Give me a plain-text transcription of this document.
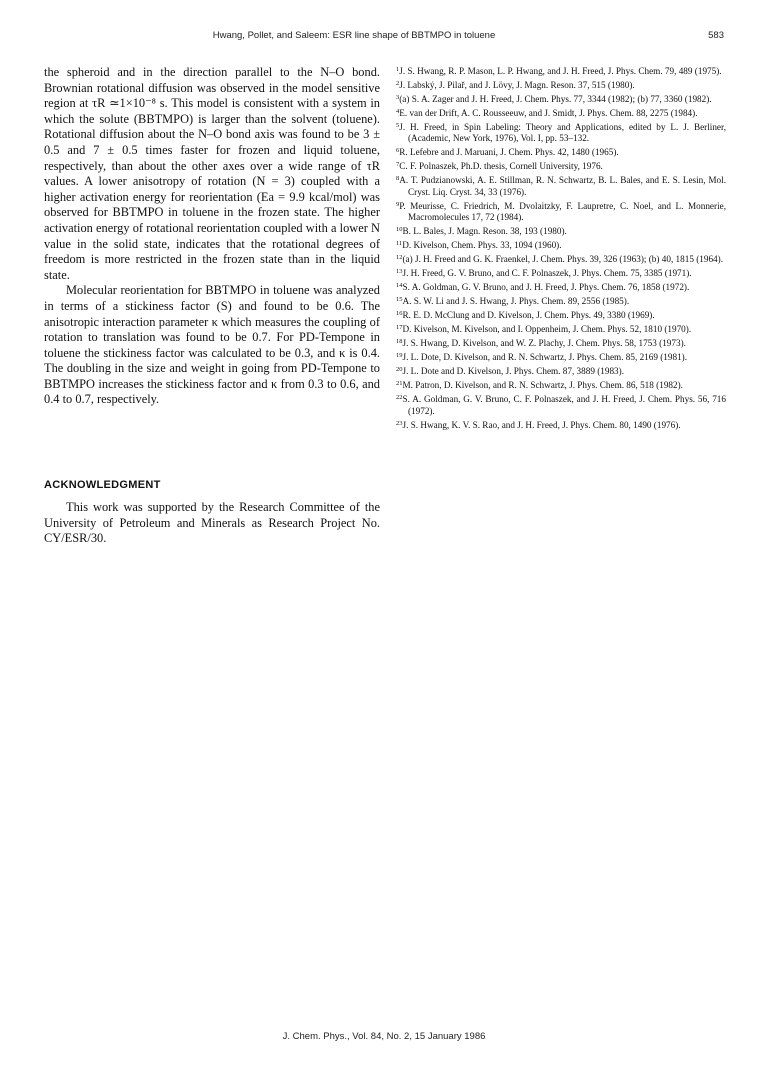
Hwang, Pollet, and Saleem: ESR line shape of BBTMPO in toluene	583

the spheroid and in the direction parallel to the N–O bond. Brownian rotational diffusion was observed in the model sensitive region at τR ≃1×10⁻⁸ s. This model is consistent with a system in which the solute (BBTMPO) is larger than the solvent (toluene). Rotational diffusion about the N–O bond axis was found to be 3 ± 0.5 and 7 ± 0.5 times faster for frozen and liquid toluene, respectively, than about the other axes over a wide range of τR values. A lower anisotropy of rotation (N = 3) coupled with a higher activation energy for reorientation (Ea = 9.9 kcal/mol) was observed for BBTMPO in toluene in the frozen state. The higher activation energy of rotational reorientation coupled with a lower N value in the solid state, indicates that the rotational degrees of freedom is more restricted in the frozen state than in the liquid state.

Molecular reorientation for BBTMPO in toluene was analyzed in terms of a stickiness factor (S) and found to be 0.6. The anisotropic interaction parameter κ which measures the coupling of rotation to translation was found to be 0.7. For PD-Tempone in toluene the stickiness factor was calculated to be 0.3, and κ is 0.4. The doubling in the size and weight in going from PD-Tempone to BBTMPO increases the stickiness factor and κ from 0.3 to 0.6, and 0.4 to 0.7, respectively.

ACKNOWLEDGMENT
This work was supported by the Research Committee of the University of Petroleum and Minerals as Research Project No. CY/ESR/30.

$^1$J. S. Hwang, R. P. Mason, L. P. Hwang, and J. H. Freed, J. Phys. Chem. 79, 489 (1975).

$^2$J. Labský, J. Pilař, and J. Lövy, J. Magn. Reson. 37, 515 (1980).

$^3$(a) S. A. Zager and J. H. Freed, J. Chem. Phys. 77, 3344 (1982); (b) 77, 3360 (1982).

$^4$E. van der Drift, A. C. Rousseeuw, and J. Smidt, J. Phys. Chem. 88, 2275 (1984).

$^5$J. H. Freed, in Spin Labeling: Theory and Applications, edited by L. J. Berliner, (Academic, New York, 1976), Vol. I, pp. 53–132.

$^6$R. Lefebre and J. Maruani, J. Chem. Phys. 42, 1480 (1965).

$^7$C. F. Polnaszek, Ph.D. thesis, Cornell University, 1976.

$^8$A. T. Pudzianowski, A. E. Stillman, R. N. Schwartz, B. L. Bales, and E. S. Lesin, Mol. Cryst. Liq. Cryst. 34, 33 (1976).

$^9$P. Meurisse, C. Friedrich, M. Dvolaitzky, F. Laupretre, C. Noel, and L. Monnerie, Macromolecules 17, 72 (1984).

$^{10}$B. L. Bales, J. Magn. Reson. 38, 193 (1980).

$^{11}$D. Kivelson, Chem. Phys. 33, 1094 (1960).

$^{12}$(a) J. H. Freed and G. K. Fraenkel, J. Chem. Phys. 39, 326 (1963); (b) 40, 1815 (1964).

$^{13}$J. H. Freed, G. V. Bruno, and C. F. Polnaszek, J. Phys. Chem. 75, 3385 (1971).

$^{14}$S. A. Goldman, G. V. Bruno, and J. H. Freed, J. Phys. Chem. 76, 1858 (1972).

$^{15}$A. S. W. Li and J. S. Hwang, J. Phys. Chem. 89, 2556 (1985).

$^{16}$R. E. D. McClung and D. Kivelson, J. Chem. Phys. 49, 3380 (1969).

$^{17}$D. Kivelson, M. Kivelson, and I. Oppenheim, J. Chem. Phys. 52, 1810 (1970).

$^{18}$J. S. Hwang, D. Kivelson, and W. Z. Plachy, J. Chem. Phys. 58, 1753 (1973).

$^{19}$J. L. Dote, D. Kivelson, and R. N. Schwartz, J. Phys. Chem. 85, 2169 (1981).

$^{20}$J. L. Dote and D. Kivelson, J. Phys. Chem. 87, 3889 (1983).

$^{21}$M. Patron, D. Kivelson, and R. N. Schwartz, J. Phys. Chem. 86, 518 (1982).

$^{22}$S. A. Goldman, G. V. Bruno, C. F. Polnaszek, and J. H. Freed, J. Chem. Phys. 56, 716 (1972).

$^{23}$J. S. Hwang, K. V. S. Rao, and J. H. Freed, J. Phys. Chem. 80, 1490 (1976).

J. Chem. Phys., Vol. 84, No. 2, 15 January 1986
